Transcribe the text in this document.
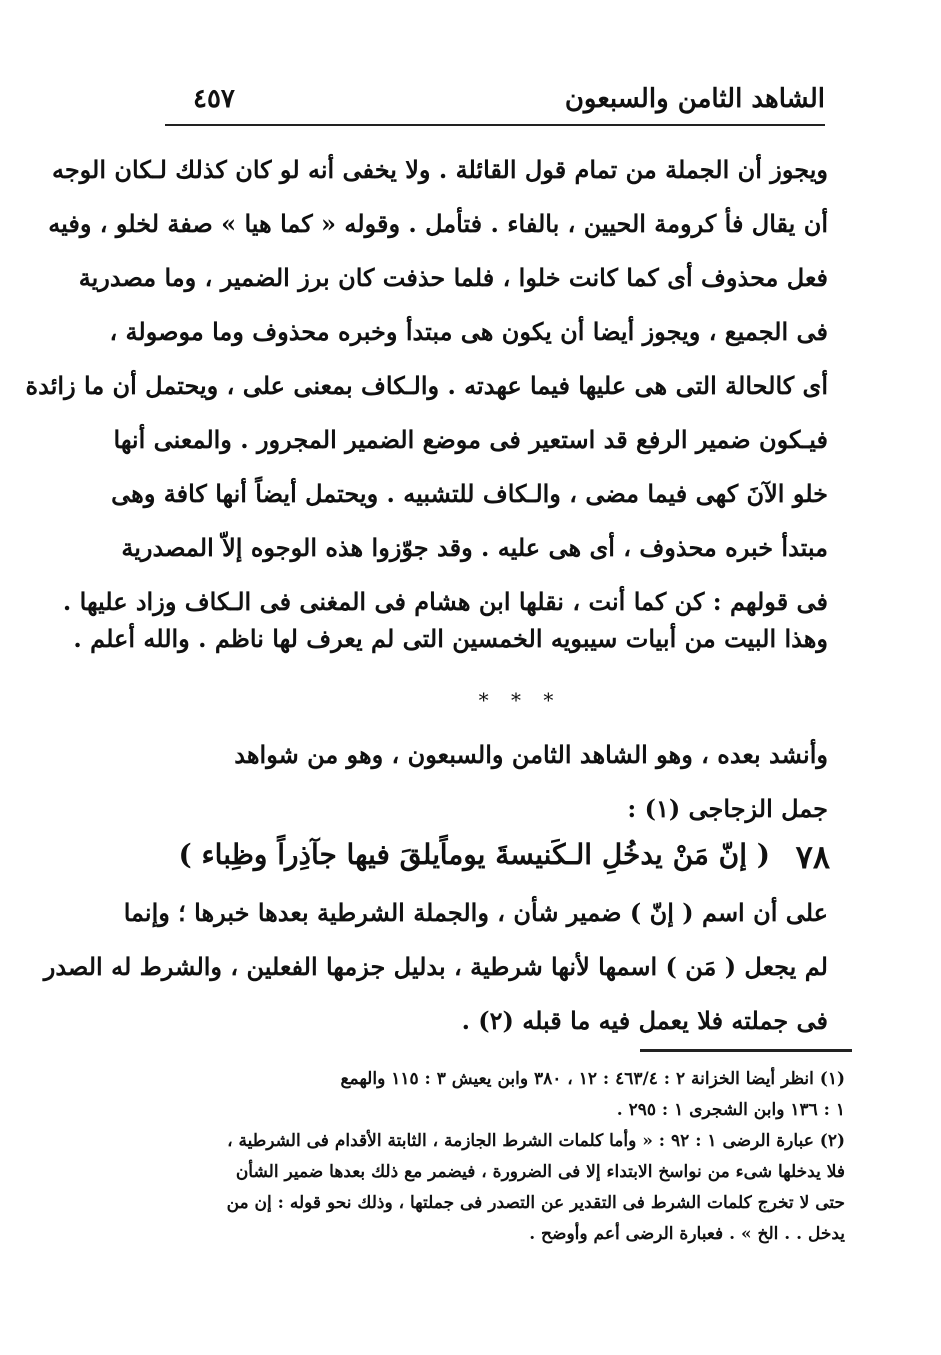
الشاهد الثامن والسبعون
٤٥٧
ويجوز أن الجملة من تمام قول القائلة . ولا يخفى أنه لو كان كذلك لـكان الوجه
أن يقال فأ كرومة الحيين ، بالفاء . فتأمل . وقوله « كما هيا » صفة لخلو ، وفيه
فعل محذوف أى كما كانت خلوا ، فلما حذفت كان برز الضمير ، وما مصدرية
فى الجميع ، ويجوز أيضا أن يكون هى مبتدأ وخبره محذوف وما موصولة ،
أى كالحالة التى هى عليها فيما عهدته . والـكاف بمعنى على ، ويحتمل أن ما زائدة
فيـكون ضمير الرفع قد استعير فى موضع الضمير المجرور . والمعنى أنها
خلو الآنَ كهى فيما مضى ، والـكاف للتشبيه . ويحتمل أيضاً أنها كافة وهى
مبتدأ خبره محذوف ، أى هى عليه . وقد جوّزوا هذه الوجوه إلاّ المصدرية
فى قولهم : كن كما أنت ، نقلها ابن هشام فى المغنى فى الـكاف وزاد عليها .
وهذا البيت من أبيات سيبويه الخمسين التى لم يعرف لها ناظم . والله أعلم .
* * *
وأنشد بعده ، وهو الشاهد الثامن والسبعون ، وهو من شواهد
جمل الزجاجى (١) :
٧٨
( إنّ مَنْ يدخُلِ الـكَنيسةَ يوماً
يلقَ فيها جآذِراً وظِباء )
على أن اسم ( إنّ ) ضمير شأن ، والجملة الشرطية بعدها خبرها ؛ وإنما
لم يجعل ( مَن ) اسمها لأنها شرطية ، بدليل جزمها الفعلين ، والشرط له الصدر
فى جملته فلا يعمل فيه ما قبله (٢) .
(١) انظر أيضا الخزانة ٢ : ٤٦٣/٤ : ١٢ ، ٣٨٠ وابن يعيش ٣ : ١١٥ والهمع
١ : ١٣٦ وابن الشجرى ١ : ٢٩٥ .
(٢) عبارة الرضى ١ : ٩٢ : « وأما كلمات الشرط الجازمة ، الثابتة الأقدام فى الشرطية ،
فلا يدخلها شىء من نواسخ الابتداء إلا فى الضرورة ، فيضمر مع ذلك بعدها ضمير الشأن
حتى لا تخرج كلمات الشرط فى التقدير عن التصدر فى جملتها ، وذلك نحو قوله : إن من
يدخل . . الخ » . فعبارة الرضى أعم وأوضح .
